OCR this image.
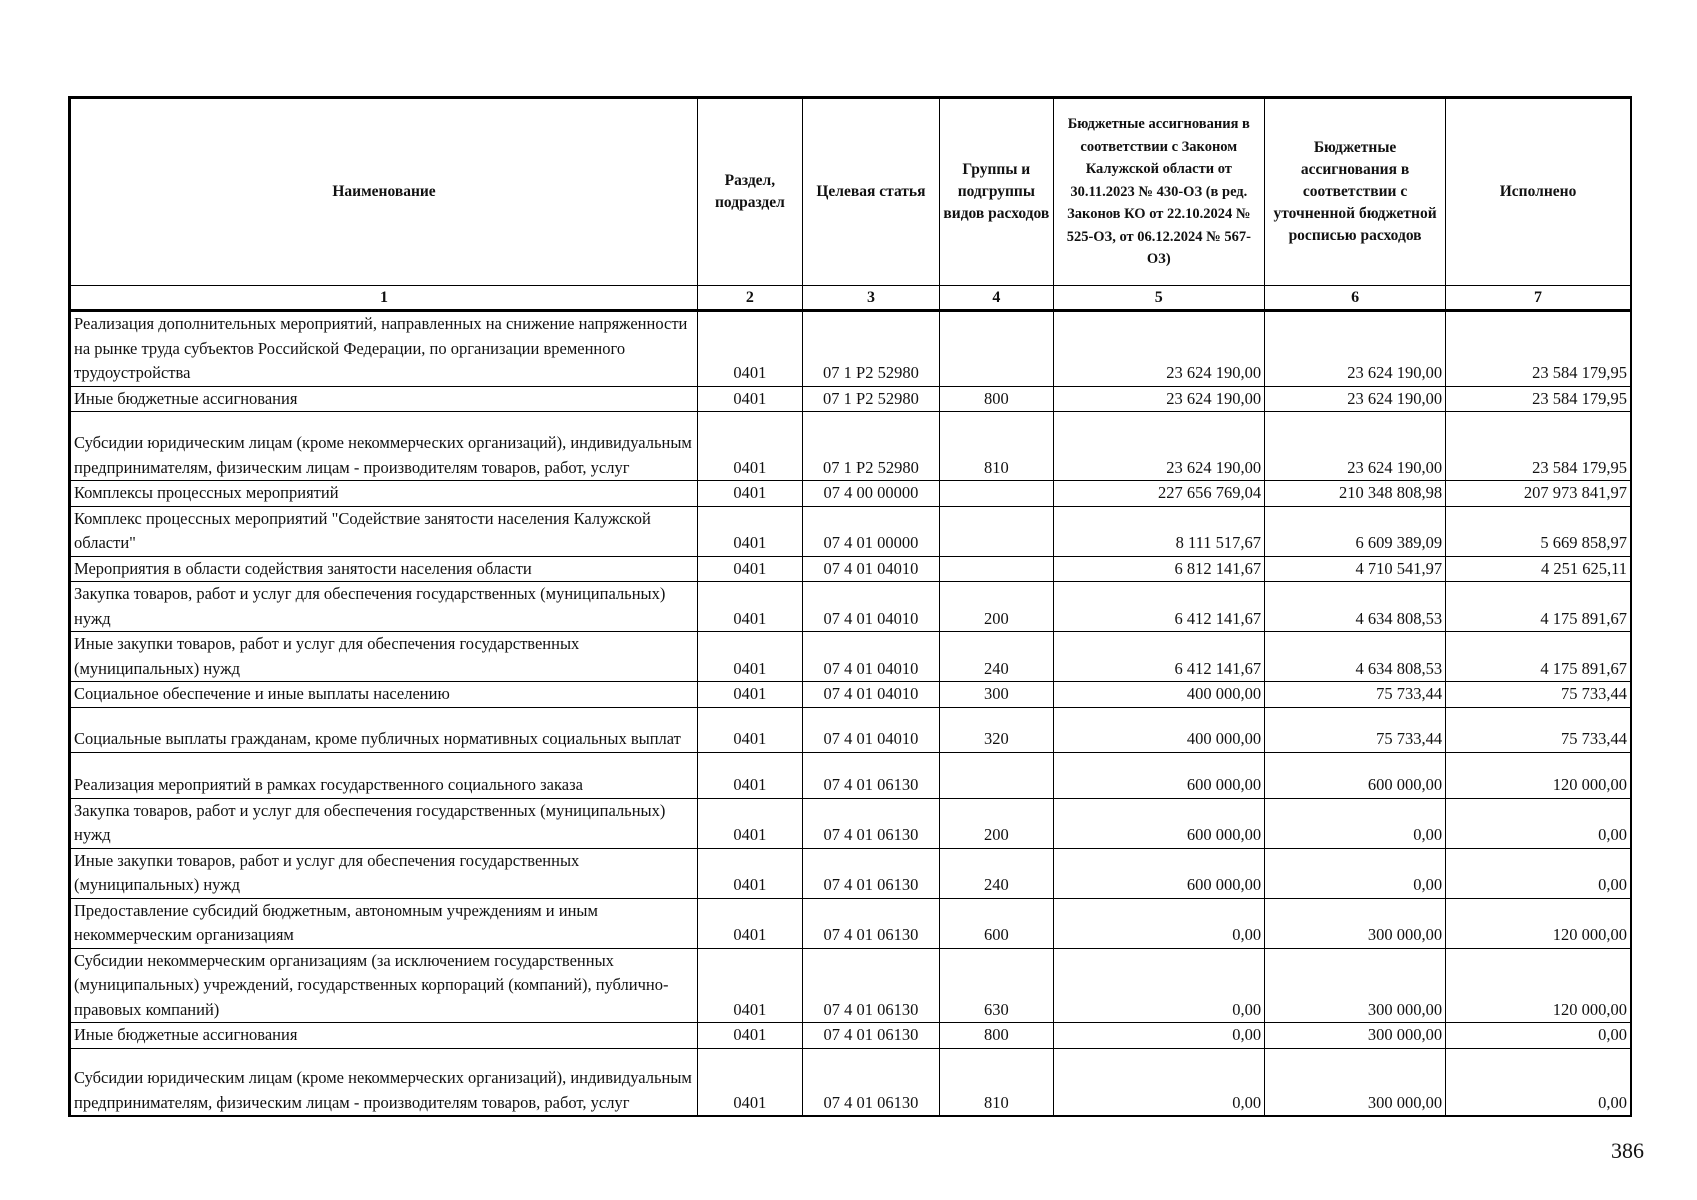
Наименование	Раздел, подраздел	Целевая статья	Группы и подгруппы видов расходов	Бюджетные ассигнования в соответствии с Законом Калужской области от 30.11.2023 № 430-ОЗ (в ред. Законов КО от 22.10.2024 № 525-ОЗ, от 06.12.2024 № 567-ОЗ)	Бюджетные ассигнования в соответствии с уточненной бюджетной росписью расходов	Исполнено
1	2	3	4	5	6	7
Реализация дополнительных мероприятий, направленных на снижение напряженности на рынке труда субъектов Российской Федерации, по организации временного трудоустройства	0401	07 1 Р2 52980		23 624 190,00	23 624 190,00	23 584 179,95
Иные бюджетные ассигнования	0401	07 1 Р2 52980	800	23 624 190,00	23 624 190,00	23 584 179,95
Субсидии юридическим лицам (кроме некоммерческих организаций), индивидуальным предпринимателям, физическим лицам - производителям товаров, работ, услуг	0401	07 1 Р2 52980	810	23 624 190,00	23 624 190,00	23 584 179,95
Комплексы процессных мероприятий	0401	07 4 00 00000		227 656 769,04	210 348 808,98	207 973 841,97
Комплекс процессных мероприятий "Содействие занятости населения Калужской области"	0401	07 4 01 00000		8 111 517,67	6 609 389,09	5 669 858,97
Мероприятия в области содействия занятости населения области	0401	07 4 01 04010		6 812 141,67	4 710 541,97	4 251 625,11
Закупка товаров, работ и услуг для обеспечения государственных (муниципальных) нужд	0401	07 4 01 04010	200	6 412 141,67	4 634 808,53	4 175 891,67
Иные закупки товаров, работ и услуг для обеспечения государственных (муниципальных) нужд	0401	07 4 01 04010	240	6 412 141,67	4 634 808,53	4 175 891,67
Социальное обеспечение и иные выплаты населению	0401	07 4 01 04010	300	400 000,00	75 733,44	75 733,44
Социальные выплаты гражданам, кроме публичных нормативных социальных выплат	0401	07 4 01 04010	320	400 000,00	75 733,44	75 733,44
Реализация мероприятий в рамках государственного социального заказа	0401	07 4 01 06130		600 000,00	600 000,00	120 000,00
Закупка товаров, работ и услуг для обеспечения государственных (муниципальных) нужд	0401	07 4 01 06130	200	600 000,00	0,00	0,00
Иные закупки товаров, работ и услуг для обеспечения государственных (муниципальных) нужд	0401	07 4 01 06130	240	600 000,00	0,00	0,00
Предоставление субсидий бюджетным, автономным учреждениям и иным некоммерческим организациям	0401	07 4 01 06130	600	0,00	300 000,00	120 000,00
Субсидии некоммерческим организациям (за исключением государственных (муниципальных) учреждений, государственных корпораций (компаний), публично-правовых компаний)	0401	07 4 01 06130	630	0,00	300 000,00	120 000,00
Иные бюджетные ассигнования	0401	07 4 01 06130	800	0,00	300 000,00	0,00
Субсидии юридическим лицам (кроме некоммерческих организаций), индивидуальным предпринимателям, физическим лицам - производителям товаров, работ, услуг	0401	07 4 01 06130	810	0,00	300 000,00	0,00
386
